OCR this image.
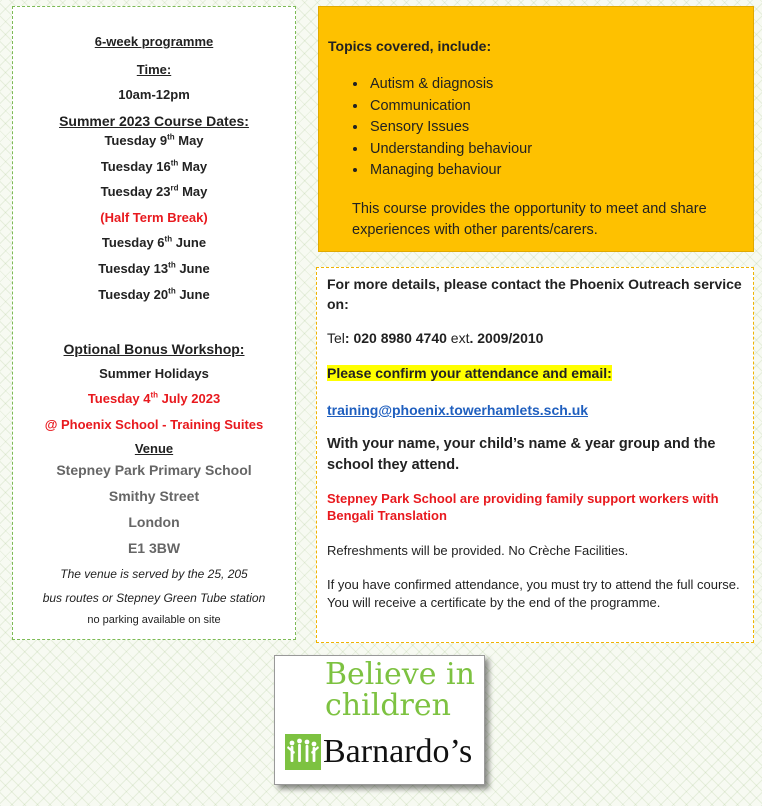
6-week programme
Time:
10am-12pm
Summer 2023 Course Dates:
Tuesday 9th May
Tuesday 16th May
Tuesday 23rd May
(Half Term Break)
Tuesday 6th June
Tuesday 13th June
Tuesday 20th June
Optional Bonus Workshop:
Summer Holidays
Tuesday 4th July 2023
@ Phoenix School - Training Suites
Venue
Stepney Park Primary School
Smithy Street
London
E1 3BW
The venue is served by the 25, 205
bus routes or Stepney Green Tube station
no parking available on site
Topics covered, include:
• Autism & diagnosis
• Communication
• Sensory Issues
• Understanding behaviour
• Managing behaviour

This course provides the opportunity to meet and share experiences with other parents/carers.

For more details, please contact the Phoenix Outreach service on:
Tel: 020 8980 4740 ext. 2009/2010
Please confirm your attendance and email:
training@phoenix.towerhamlets.sch.uk
With your name, your child’s name & year group and the school they attend.
Stepney Park School are providing family support workers with Bengali Translation
Refreshments will be provided. No Crèche Facilities.
If you have confirmed attendance, you must try to attend the full course. You will receive a certificate by the end of the programme.
Believe in
children
Barnardo’s
